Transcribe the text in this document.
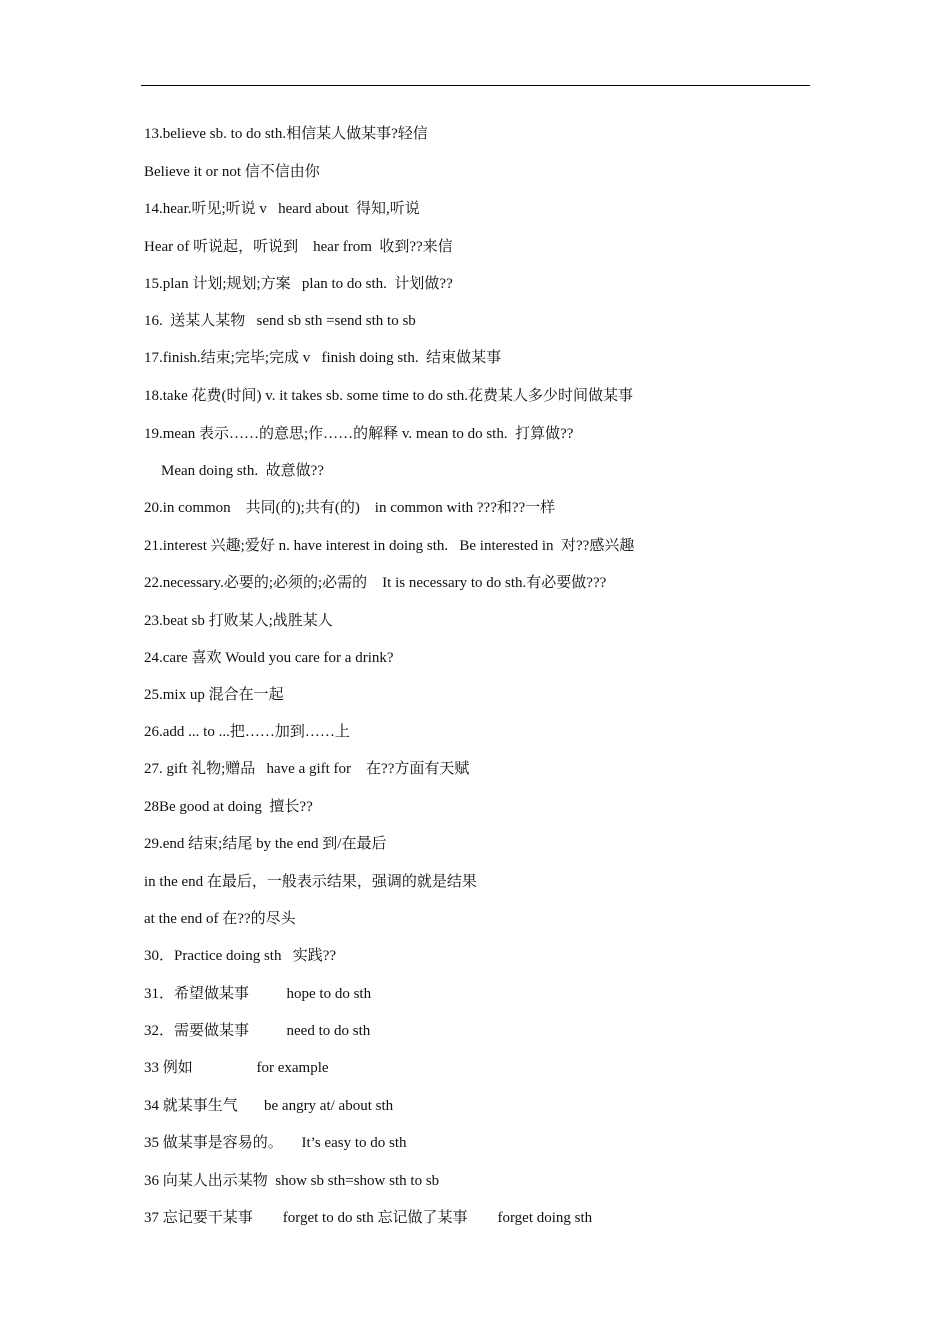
13.believe sb. to do sth.相信某人做某事?轻信
Believe it or not 信不信由你
14.hear.听见;听说 v   heard about  得知,听说
Hear of 听说起，听说到    hear from  收到??来信
15.plan 计划;规划;方案   plan to do sth.  计划做??
16.  送某人某物   send sb sth =send sth to sb
17.finish.结束;完毕;完成 v   finish doing sth.  结束做某事
18.take 花费(时间) v. it takes sb. some time to do sth.花费某人多少时间做某事
19.mean 表示……的意思;作……的解释 v. mean to do sth.  打算做??
Mean doing sth.  故意做??
20.in common    共同(的);共有(的)    in common with ???和??一样
21.interest 兴趣;爱好 n. have interest in doing sth.   Be interested in  对??感兴趣
22.necessary.必要的;必须的;必需的    It is necessary to do sth.有必要做???
23.beat sb 打败某人;战胜某人
24.care 喜欢 Would you care for a drink?
25.mix up 混合在一起
26.add ... to ...把……加到……上
27. gift 礼物;赠品   have a gift for    在??方面有天赋
28Be good at doing  擅长??
29.end 结束;结尾 by the end 到/在最后
in the end 在最后，一般表示结果，强调的就是结果
at the end of 在??的尽头
30．Practice doing sth   实践??
31．希望做某事          hope to do sth
32．需要做某事          need to do sth
33 例如                 for example
34 就某事生气       be angry at/ about sth
35 做某事是容易的。     It’s easy to do sth
36 向某人出示某物  show sb sth=show sth to sb
37 忘记要干某事        forget to do sth 忘记做了某事        forget doing sth
